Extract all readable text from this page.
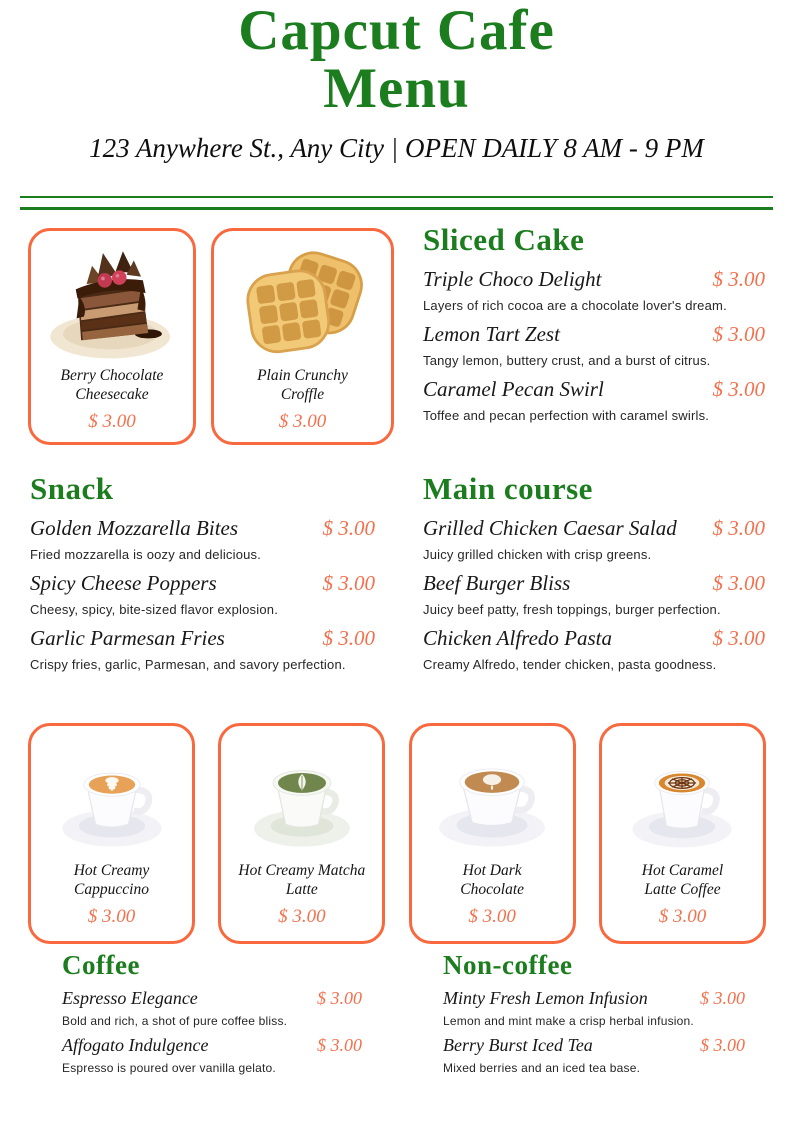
Capcut Cafe
Menu
123 Anywhere St., Any City | OPEN DAILY 8 AM - 9 PM
Berry Chocolate
Cheesecake
$ 3.00
Plain Crunchy
Croffle
$ 3.00
Sliced Cake
Triple Choco Delight	$ 3.00
Layers of rich cocoa are a chocolate lover's dream.
Lemon Tart Zest	$ 3.00
Tangy lemon, buttery crust, and a burst of citrus.
Caramel Pecan Swirl	$ 3.00
Toffee and pecan perfection with caramel swirls.
Snack
Golden Mozzarella Bites	$ 3.00
Fried mozzarella is oozy and delicious.
Spicy Cheese Poppers	$ 3.00
Cheesy, spicy, bite-sized flavor explosion.
Garlic Parmesan Fries	$ 3.00
Crispy fries, garlic, Parmesan, and savory perfection.
Main course
Grilled Chicken Caesar Salad $ 3.00
Juicy grilled chicken with crisp greens.
Beef Burger Bliss	$ 3.00
Juicy beef patty, fresh toppings, burger perfection.
Chicken Alfredo Pasta	$ 3.00
Creamy Alfredo, tender chicken, pasta goodness.
Hot Creamy
Cappuccino
$ 3.00
Hot Creamy Matcha
Latte
$ 3.00
Hot Dark
Chocolate
$ 3.00
Hot Caramel
Latte Coffee
$ 3.00
Coffee
Espresso Elegance	$ 3.00
Bold and rich, a shot of pure coffee bliss.
Affogato Indulgence	$ 3.00
Espresso is poured over vanilla gelato.
Non-coffee
Minty Fresh Lemon Infusion	$ 3.00
Lemon and mint make a crisp herbal infusion.
Berry Burst Iced Tea	$ 3.00
Mixed berries and an iced tea base.
